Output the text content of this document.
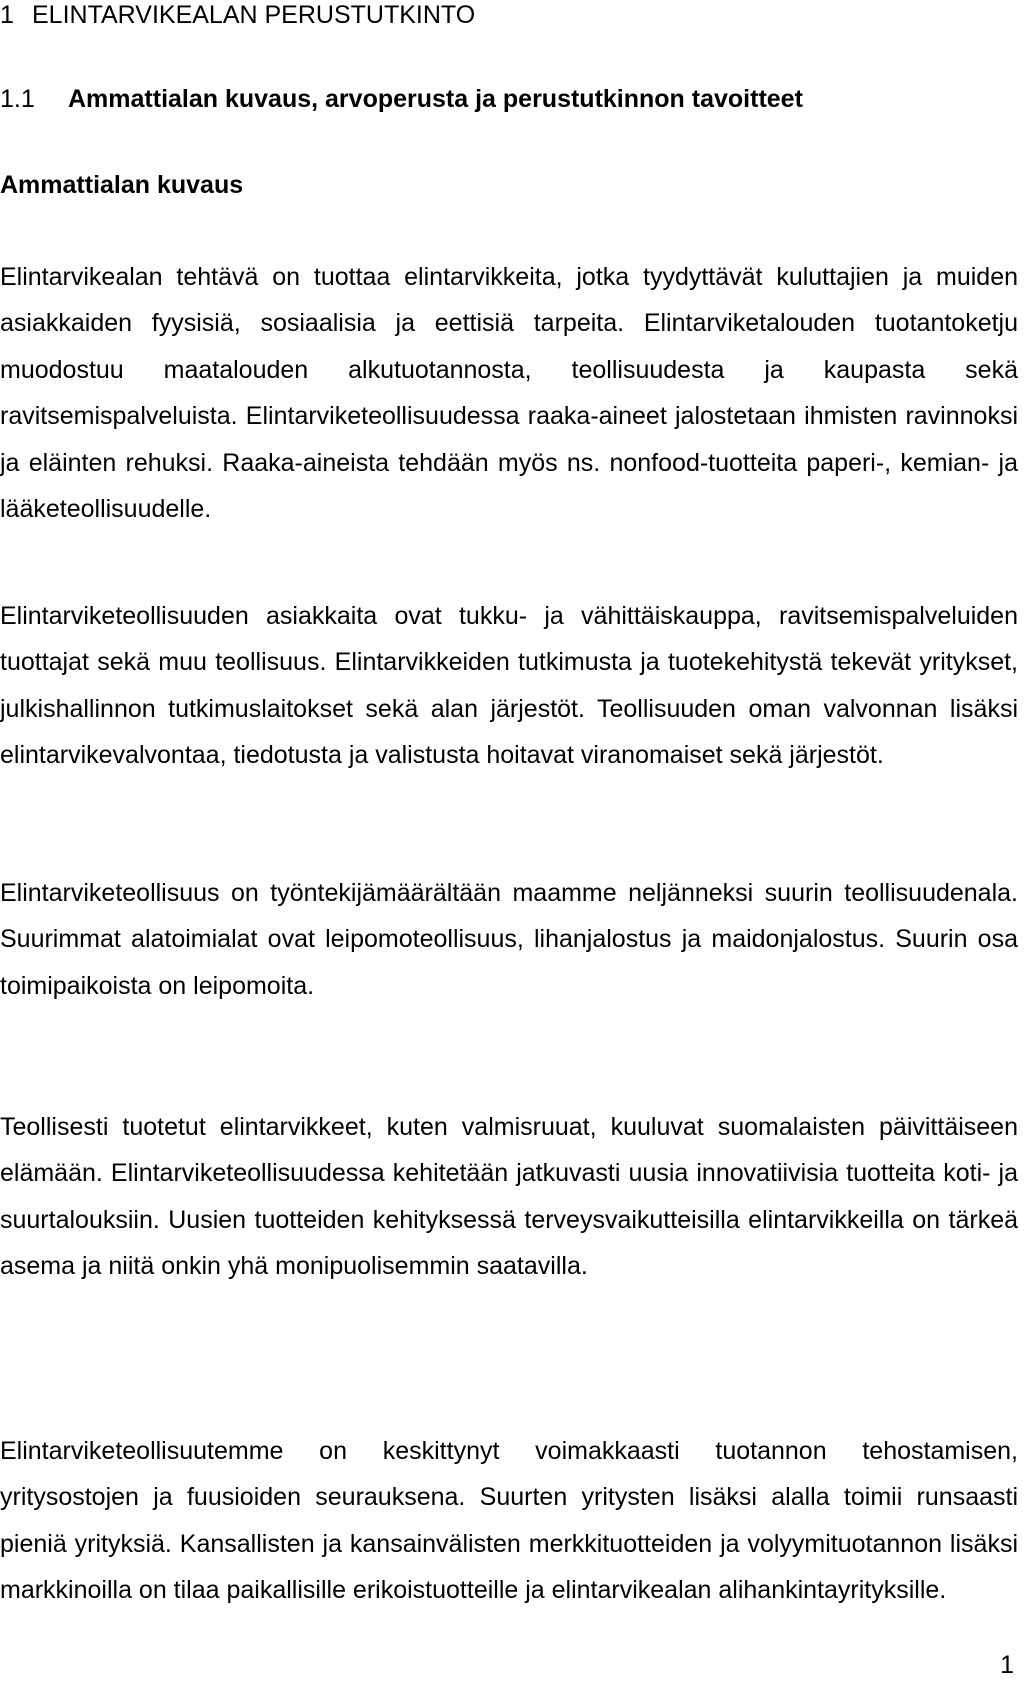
1 ELINTARVIKEALAN PERUSTUTKINTO
1.1 Ammattialan kuvaus, arvoperusta ja perustutkinnon tavoitteet
Ammattialan kuvaus

Elintarvikealan tehtävä on tuottaa elintarvikkeita, jotka tyydyttävät kuluttajien ja muiden asiakkaiden fyysisiä, sosiaalisia ja eettisiä tarpeita. Elintarviketalouden tuotantoketju muodostuu maatalouden alkutuotannosta, teollisuudesta ja kaupasta sekä ravitsemispalveluista. Elintarviketeollisuudessa raaka-aineet jalostetaan ihmisten ravinnoksi ja eläinten rehuksi. Raaka-aineista tehdään myös ns. nonfood-tuotteita paperi-, kemian- ja lääketeollisuudelle.

Elintarviketeollisuuden asiakkaita ovat tukku- ja vähittäiskauppa, ravitsemispalveluiden tuottajat sekä muu teollisuus. Elintarvikkeiden tutkimusta ja tuotekehitystä tekevät yritykset, julkishallinnon tutkimuslaitokset sekä alan järjestöt. Teollisuuden oman valvonnan lisäksi elintarvikevalvontaa, tiedotusta ja valistusta hoitavat viranomaiset sekä järjestöt.

Elintarviketeollisuus on työntekijämäärältään maamme neljänneksi suurin teollisuudenala. Suurimmat alatoimialat ovat leipomoteollisuus, lihanjalostus ja maidonjalostus. Suurin osa toimipaikoista on leipomoita.

Teollisesti tuotetut elintarvikkeet, kuten valmisruuat, kuuluvat suomalaisten päivittäiseen elämään. Elintarviketeollisuudessa kehitetään jatkuvasti uusia innovatiivisia tuotteita koti- ja suurtalouksiin. Uusien tuotteiden kehityksessä terveysvaikutteisilla elintarvikkeilla on tärkeä asema ja niitä onkin yhä monipuolisemmin saatavilla.

Elintarviketeollisuutemme on keskittynyt voimakkaasti tuotannon tehostamisen, yritysostojen ja fuusioiden seurauksena. Suurten yritysten lisäksi alalla toimii runsaasti pieniä yrityksiä. Kansallisten ja kansainvälisten merkkituotteiden ja volyymituotannon lisäksi markkinoilla on tilaa paikallisille erikoistuotteille ja elintarvikealan alihankintayrityksille.

1
